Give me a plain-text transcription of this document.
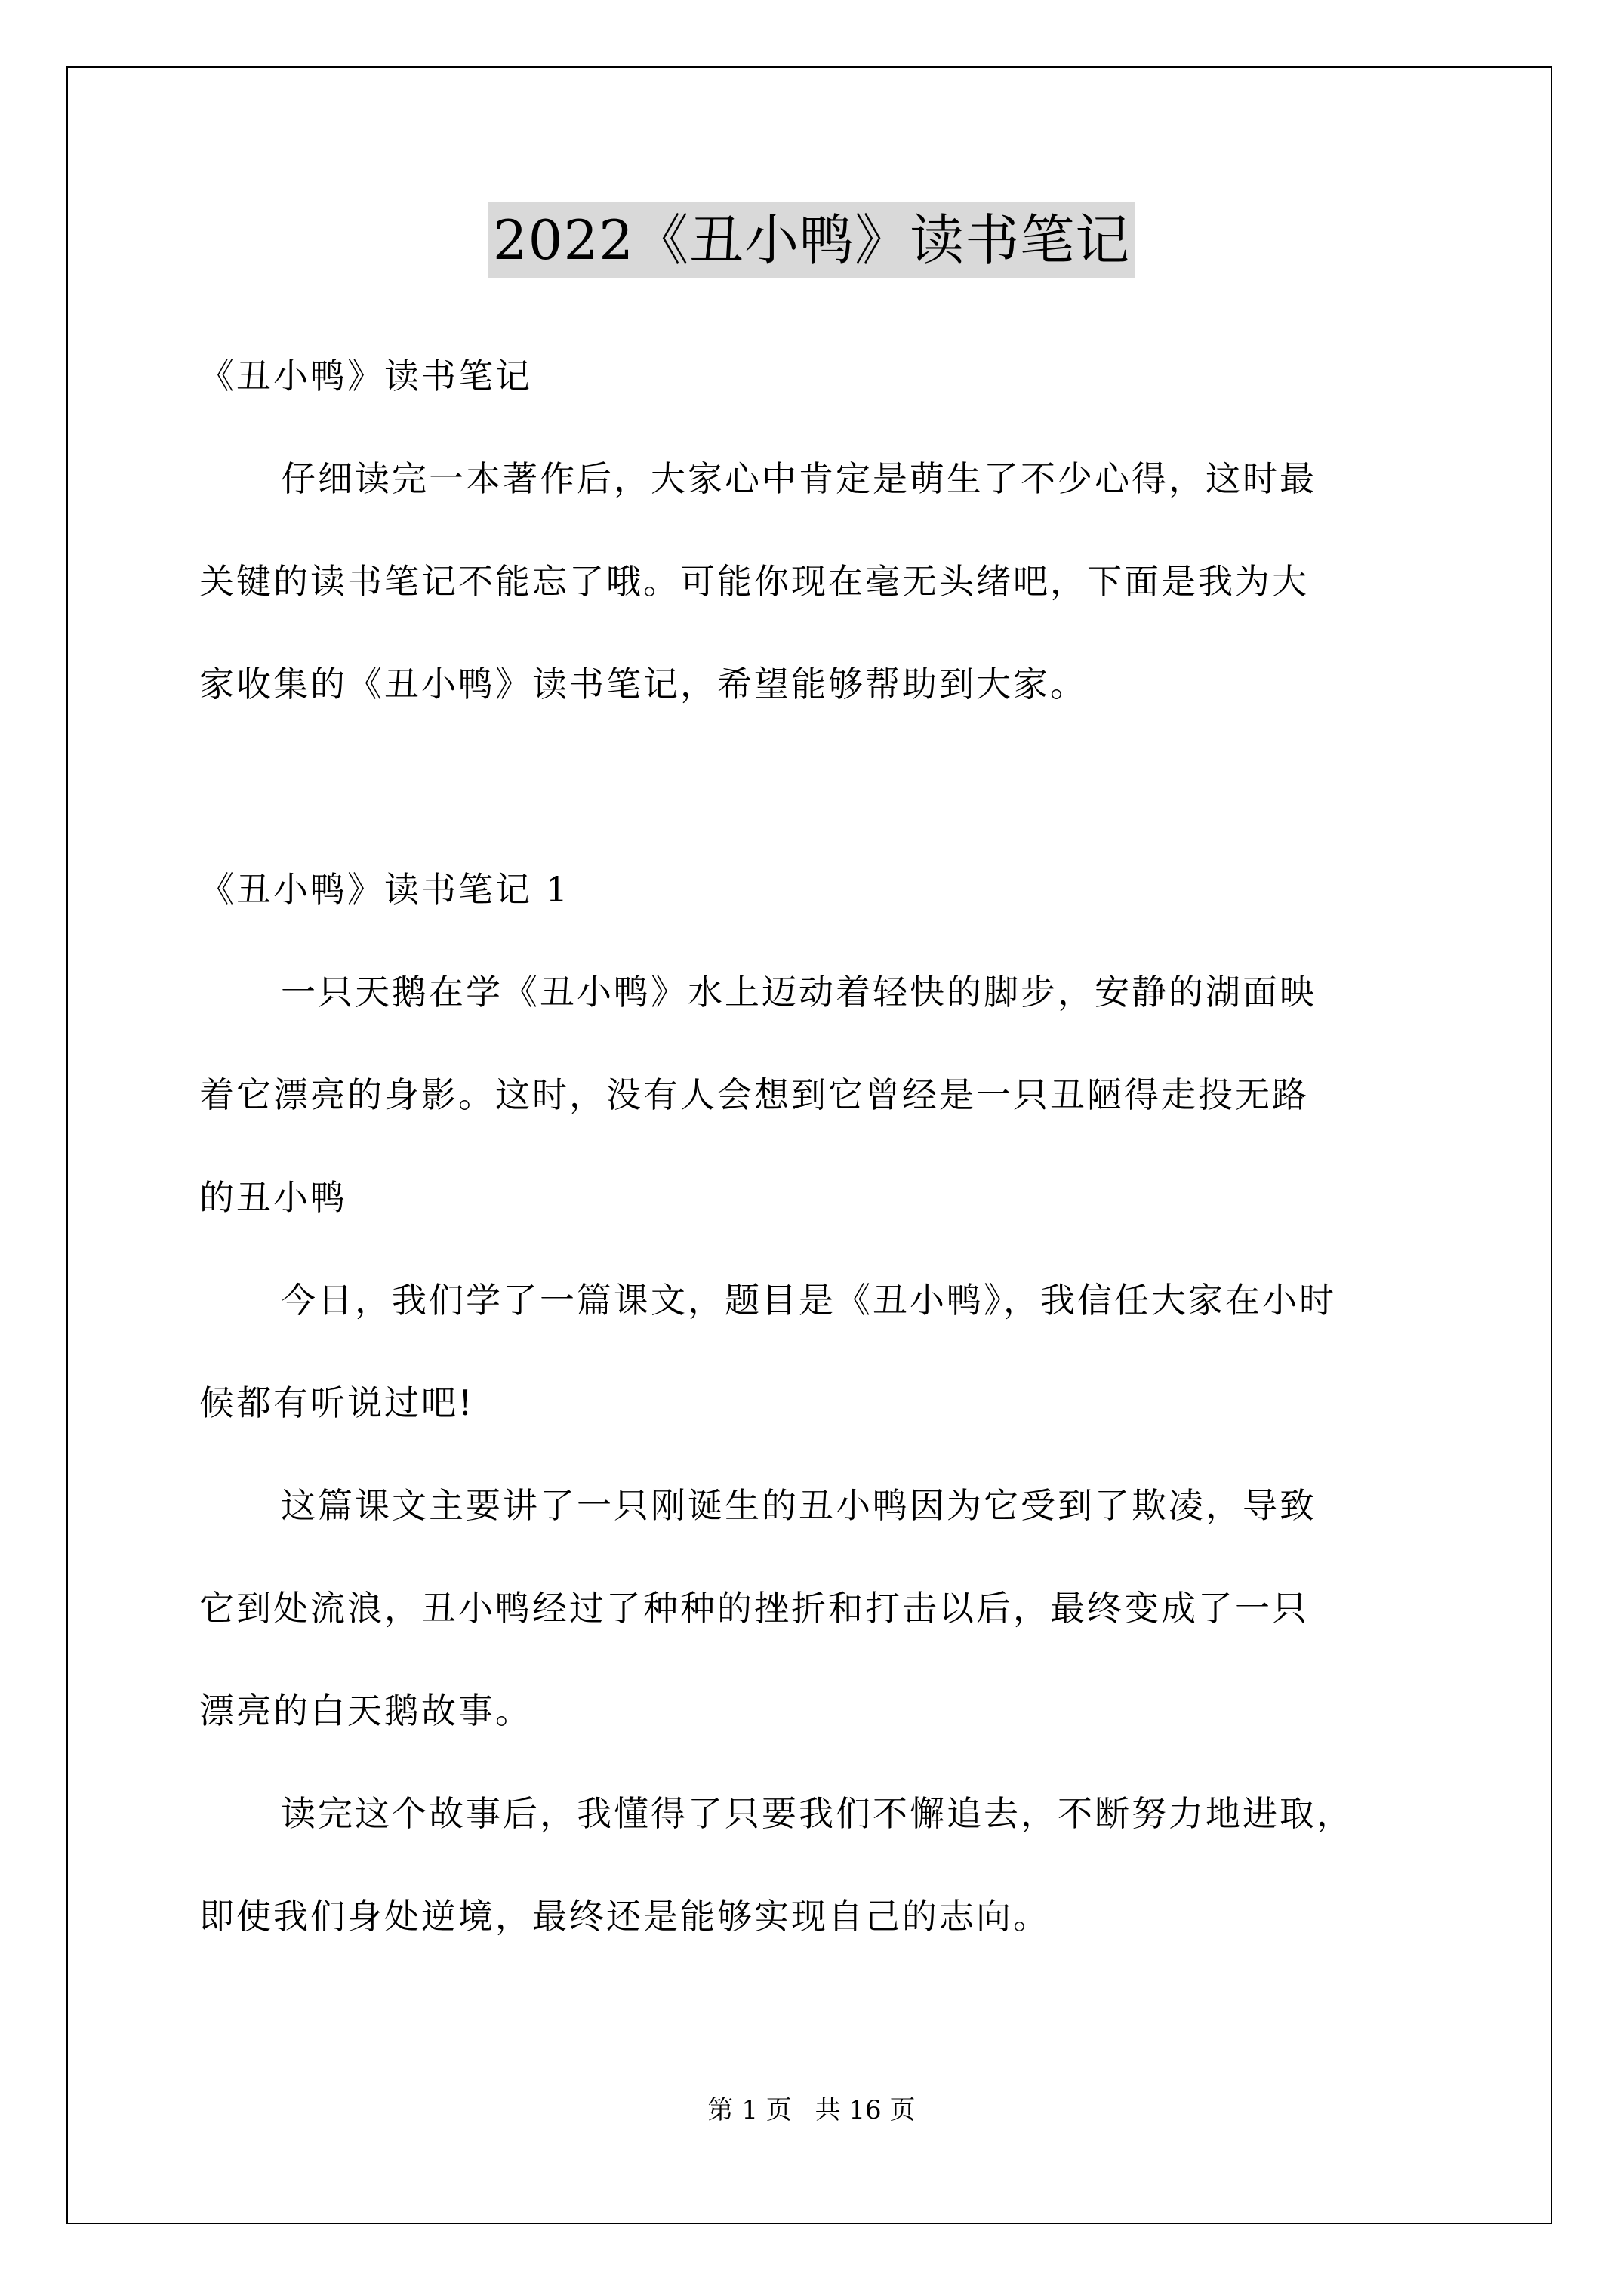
2022《丑小鸭》读书笔记
《丑小鸭》读书笔记
仔细读完一本著作后，大家心中肯定是萌生了不少心得，这时最
关键的读书笔记不能忘了哦。可能你现在毫无头绪吧，下面是我为大
家收集的《丑小鸭》读书笔记，希望能够帮助到大家。
《丑小鸭》读书笔记 1
一只天鹅在学《丑小鸭》水上迈动着轻快的脚步，安静的湖面映
着它漂亮的身影。这时，没有人会想到它曾经是一只丑陋得走投无路
的丑小鸭
今日，我们学了一篇课文，题目是《丑小鸭》，我信任大家在小时
候都有听说过吧!
这篇课文主要讲了一只刚诞生的丑小鸭因为它受到了欺凌，导致
它到处流浪，丑小鸭经过了种种的挫折和打击以后，最终变成了一只
漂亮的白天鹅故事。
读完这个故事后，我懂得了只要我们不懈追去，不断努力地进取，
即使我们身处逆境，最终还是能够实现自己的志向。
第 1 页 共 16 页
